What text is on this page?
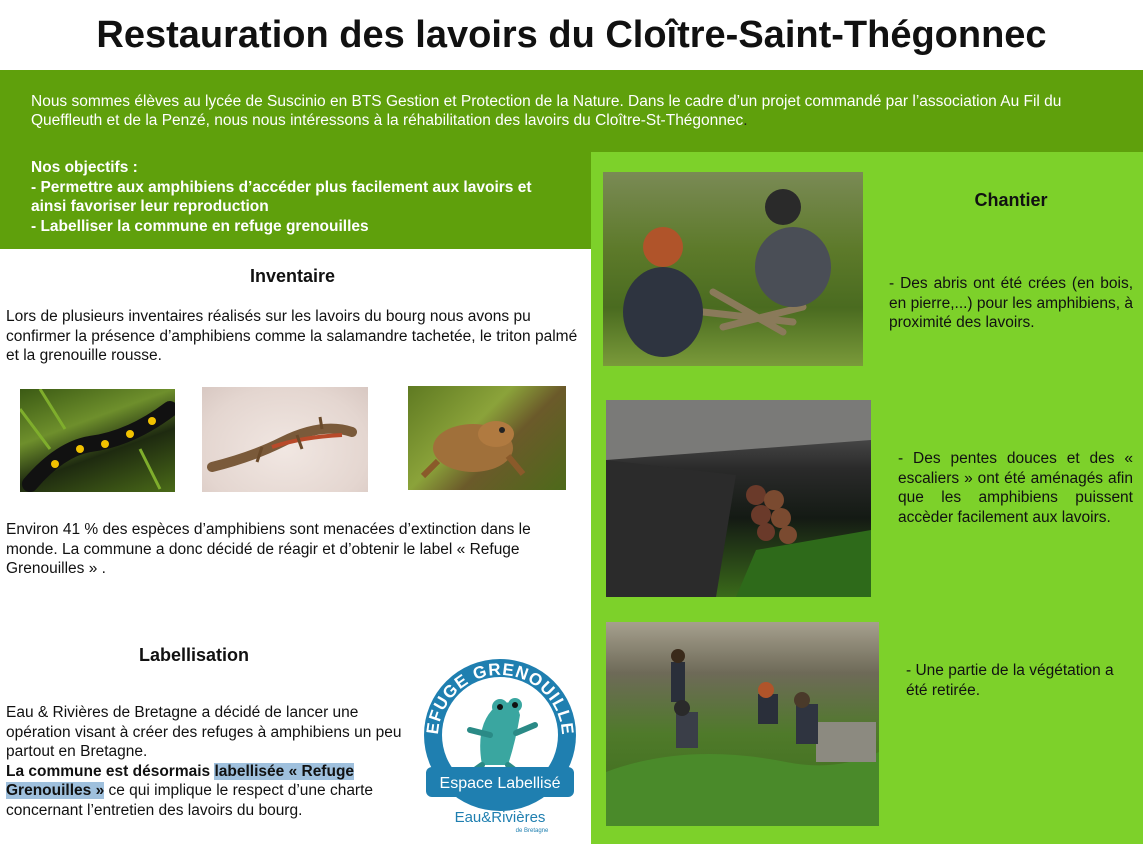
Restauration des lavoirs du Cloître-Saint-Thégonnec
Nous sommes élèves au lycée de Suscinio en BTS Gestion et Protection de la Nature. Dans le cadre d’un projet commandé par l’association Au Fil du Queffleuth et de la Penzé, nous nous intéressons à la réhabilitation des lavoirs du Cloître-St-Thégonnec.
Nos objectifs :
- Permettre aux amphibiens d’accéder plus facilement aux lavoirs et ainsi favoriser leur reproduction
- Labelliser la commune en refuge grenouilles
Inventaire
Lors de plusieurs inventaires réalisés sur les lavoirs du bourg nous avons pu confirmer la présence d’amphibiens comme la salamandre tachetée, le triton palmé et la grenouille rousse.
Environ 41 % des espèces d’amphibiens sont menacées d’extinction dans le monde. La commune a donc décidé de réagir et d’obtenir le label « Refuge Grenouilles » .
Labellisation
Eau & Rivières de Bretagne a décidé de lancer une opération visant à créer des refuges à amphibiens un peu partout en Bretagne.
La commune est désormais labellisée « Refuge Grenouilles » ce qui implique le respect d’une charte concernant l’entretien des lavoirs du bourg.
EFUGE GRENOUILLE
Espace Labellisé
Eau&Rivières
de Bretagne
Chantier
- Des abris ont été crées (en bois, en pierre,...) pour les amphibiens, à proximité des lavoirs.
- Des pentes douces et des « escaliers » ont été aménagés afin que les amphibiens puissent accèder facilement aux lavoirs.
- Une partie de la végétation a été retirée.
